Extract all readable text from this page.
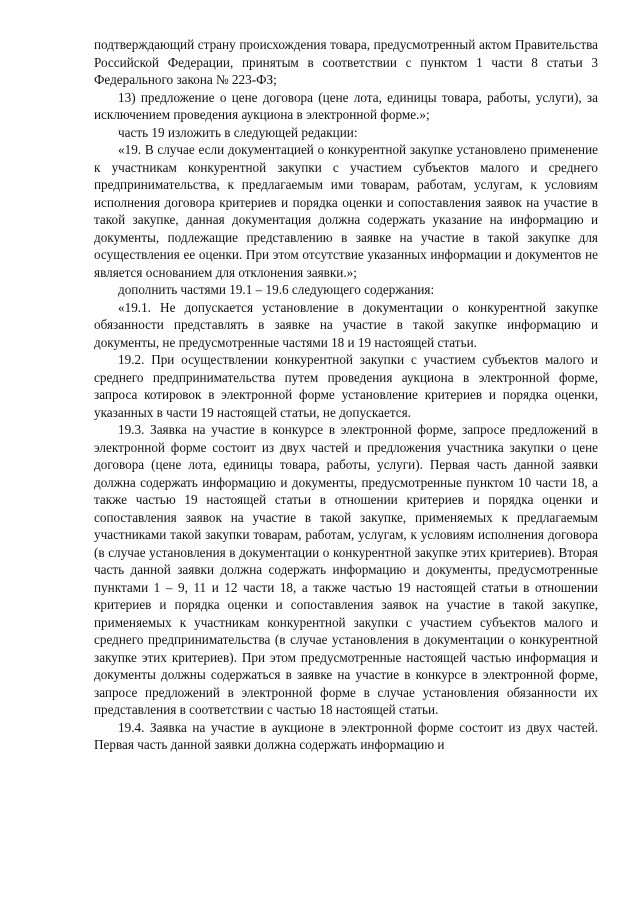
подтверждающий страну происхождения товара, предусмотренный актом Правительства Российской Федерации, принятым в соответствии с пунктом 1 части 8 статьи 3 Федерального закона № 223-ФЗ;

13) предложение о цене договора (цене лота, единицы товара, работы, услуги), за исключением проведения аукциона в электронной форме.»;

часть 19 изложить в следующей редакции:

«19. В случае если документацией о конкурентной закупке установлено применение к участникам конкурентной закупки с участием субъектов малого и среднего предпринимательства, к предлагаемым ими товарам, работам, услугам, к условиям исполнения договора критериев и порядка оценки и сопоставления заявок на участие в такой закупке, данная документация должна содержать указание на информацию и документы, подлежащие представлению в заявке на участие в такой закупке для осуществления ее оценки. При этом отсутствие указанных информации и документов не является основанием для отклонения заявки.»;

дополнить частями 19.1 – 19.6 следующего содержания:

«19.1. Не допускается установление в документации о конкурентной закупке обязанности представлять в заявке на участие в такой закупке информацию и документы, не предусмотренные частями 18 и 19 настоящей статьи.

19.2. При осуществлении конкурентной закупки с участием субъектов малого и среднего предпринимательства путем проведения аукциона в электронной форме, запроса котировок в электронной форме установление критериев и порядка оценки, указанных в части 19 настоящей статьи, не допускается.

19.3. Заявка на участие в конкурсе в электронной форме, запросе предложений в электронной форме состоит из двух частей и предложения участника закупки о цене договора (цене лота, единицы товара, работы, услуги). Первая часть данной заявки должна содержать информацию и документы, предусмотренные пунктом 10 части 18, а также частью 19 настоящей статьи в отношении критериев и порядка оценки и сопоставления заявок на участие в такой закупке, применяемых к предлагаемым участниками такой закупки товарам, работам, услугам, к условиям исполнения договора (в случае установления в документации о конкурентной закупке этих критериев). Вторая часть данной заявки должна содержать информацию и документы, предусмотренные пунктами 1 – 9, 11 и 12 части 18, а также частью 19 настоящей статьи в отношении критериев и порядка оценки и сопоставления заявок на участие в такой закупке, применяемых к участникам конкурентной закупки с участием субъектов малого и среднего предпринимательства (в случае установления в документации о конкурентной закупке этих критериев). При этом предусмотренные настоящей частью информация и документы должны содержаться в заявке на участие в конкурсе в электронной форме, запросе предложений в электронной форме в случае установления обязанности их представления в соответствии с частью 18 настоящей статьи.

19.4. Заявка на участие в аукционе в электронной форме состоит из двух частей. Первая часть данной заявки должна содержать информацию и
